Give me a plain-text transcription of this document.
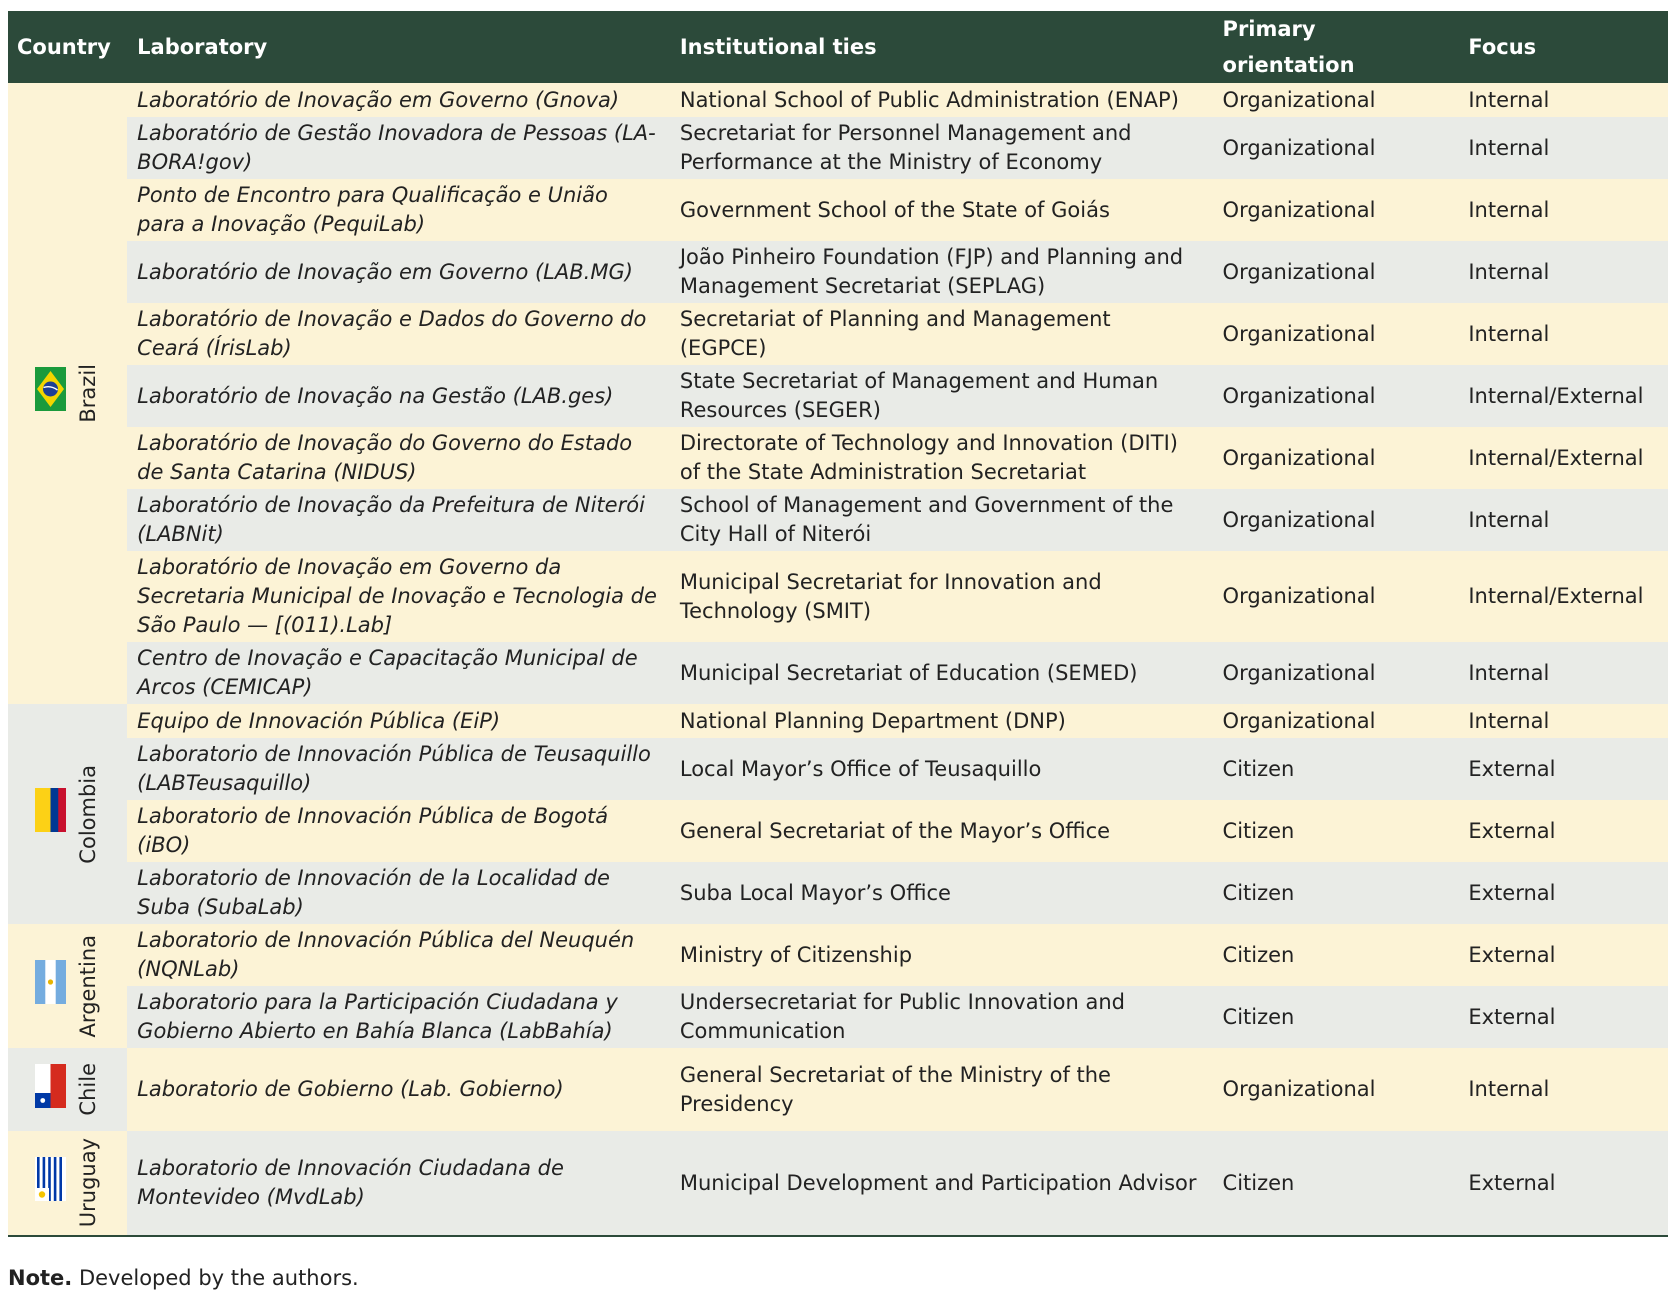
Country	Laboratory	Institutional ties	Primary orientation	Focus

Brazil	Laboratório de Inovação em Governo (Gnova)	National School of Public Administration (ENAP)	Organizational	Internal
	Laboratório de Gestão Inovadora de Pessoas (LA-BORA!gov)	Secretariat for Personnel Management and Performance at the Ministry of Economy	Organizational	Internal
	Ponto de Encontro para Qualificação e União para a Inovação (PequiLab)	Government School of the State of Goiás	Organizational	Internal
	Laboratório de Inovação em Governo (LAB.MG)	João Pinheiro Foundation (FJP) and Planning and Management Secretariat (SEPLAG)	Organizational	Internal
	Laboratório de Inovação e Dados do Governo do Ceará (ÍrisLab)	Secretariat of Planning and Management (EGPCE)	Organizational	Internal
	Laboratório de Inovação na Gestão (LAB.ges)	State Secretariat of Management and Human Resources (SEGER)	Organizational	Internal/External
	Laboratório de Inovação do Governo do Estado de Santa Catarina (NIDUS)	Directorate of Technology and Innovation (DITI) of the State Administration Secretariat	Organizational	Internal/External
	Laboratório de Inovação da Prefeitura de Niterói (LABNit)	School of Management and Government of the City Hall of Niterói	Organizational	Internal
	Laboratório de Inovação em Governo da Secretaria Municipal de Inovação e Tecnologia de São Paulo — [(011).Lab]	Municipal Secretariat for Innovation and Technology (SMIT)	Organizational	Internal/External
	Centro de Inovação e Capacitação Municipal de Arcos (CEMICAP)	Municipal Secretariat of Education (SEMED)	Organizational	Internal

Colombia	Equipo de Innovación Pública (EiP)	National Planning Department (DNP)	Organizational	Internal
	Laboratorio de Innovación Pública de Teusaquillo (LABTeusaquillo)	Local Mayor’s Office of Teusaquillo	Citizen	External
	Laboratorio de Innovación Pública de Bogotá (iBO)	General Secretariat of the Mayor’s Office	Citizen	External
	Laboratorio de Innovación de la Localidad de Suba (SubaLab)	Suba Local Mayor’s Office	Citizen	External

Argentina	Laboratorio de Innovación Pública del Neuquén (NQNLab)	Ministry of Citizenship	Citizen	External
	Laboratorio para la Participación Ciudadana y Gobierno Abierto en Bahía Blanca (LabBahía)	Undersecretariat for Public Innovation and Communication	Citizen	External

Chile	Laboratorio de Gobierno (Lab. Gobierno)	General Secretariat of the Ministry of the Presidency	Organizational	Internal

Uruguay	Laboratorio de Innovación Ciudadana de Montevideo (MvdLab)	Municipal Development and Participation Advisor	Citizen	External
Note. Developed by the authors.
